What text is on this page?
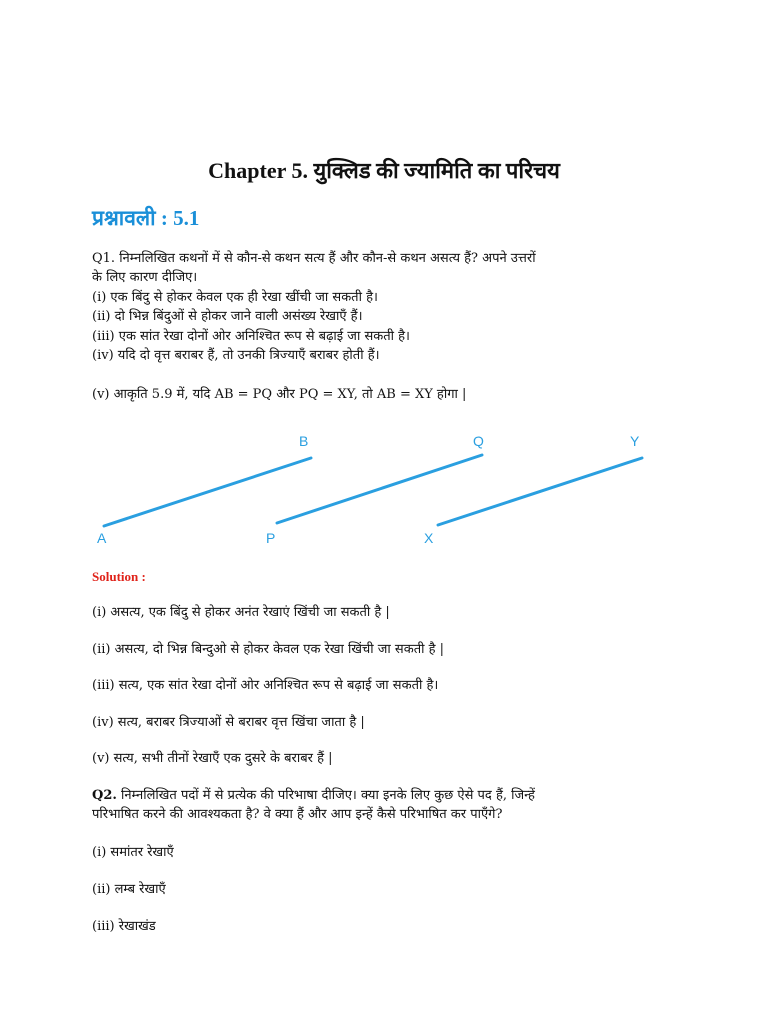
Chapter 5. युक्लिड की ज्यामिति का परिचय
प्रश्नावली : 5.1
Q1. निम्नलिखित कथनों में से कौन-से कथन सत्य हैं और कौन-से कथन असत्य हैं? अपने उत्तरों
के लिए कारण दीजिए।
(i) एक बिंदु से होकर केवल एक ही रेखा खींची जा सकती है।
(ii) दो भिन्न बिंदुओं से होकर जाने वाली असंख्य रेखाएँ हैं।
(iii) एक सांत रेखा दोनों ओर अनिश्चित रूप से बढ़ाई जा सकती है।
(iv) यदि दो वृत्त बराबर हैं, तो उनकी त्रिज्याएँ बराबर होती हैं।
(v) आकृति 5.9 में, यदि AB = PQ और PQ = XY, तो AB = XY होगा |
A
B
P
Q
X
Y
Solution :
(i) असत्य, एक बिंदु से होकर अनंत रेखाएं खिंची जा सकती है |
(ii) असत्य, दो भिन्न बिन्दुओ से होकर केवल एक रेखा खिंची जा सकती है |
(iii) सत्य, एक सांत रेखा दोनों ओर अनिश्चित रूप से बढ़ाई जा सकती है।
(iv) सत्य, बराबर त्रिज्याओं से बराबर वृत्त खिंचा जाता है |
(v) सत्य, सभी तीनों रेखाएँ एक दुसरे के बराबर हैं |
Q2. निम्नलिखित पदों में से प्रत्येक की परिभाषा दीजिए। क्या इनके लिए कुछ ऐसे पद हैं, जिन्हें
परिभाषित करने की आवश्यकता है? वे क्या हैं और आप इन्हें कैसे परिभाषित कर पाएँगे?
(i) समांतर रेखाएँ
(ii) लम्ब रेखाएँ
(iii) रेखाखंड
